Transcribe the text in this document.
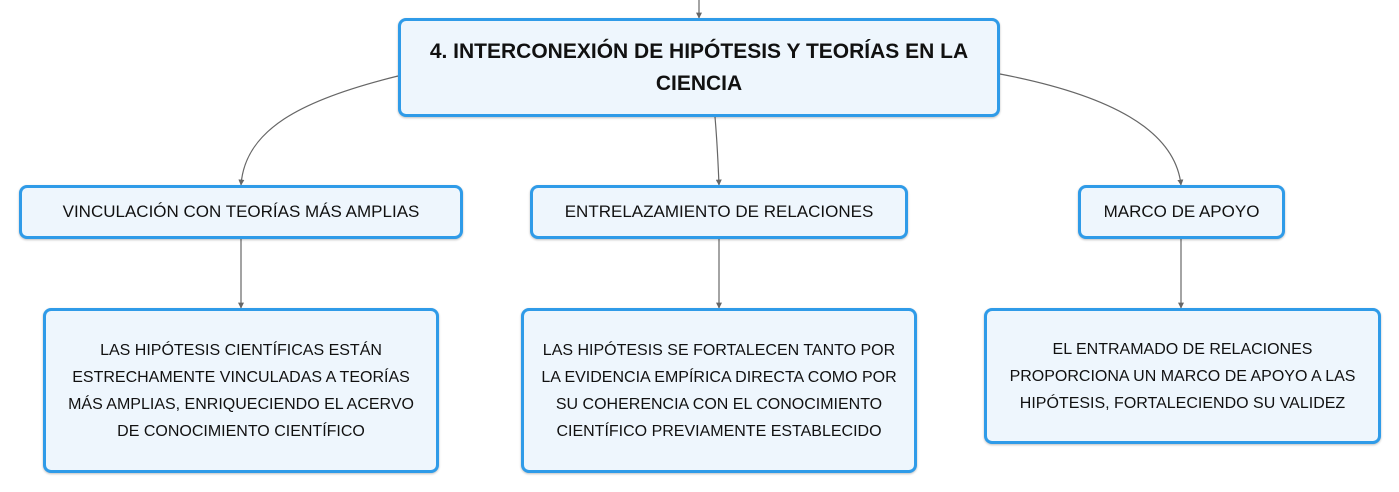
4. INTERCONEXIÓN DE HIPÓTESIS Y TEORÍAS EN LA CIENCIA
VINCULACIÓN CON TEORÍAS MÁS AMPLIAS	ENTRELAZAMIENTO DE RELACIONES	MARCO DE APOYO
LAS HIPÓTESIS CIENTÍFICAS ESTÁN ESTRECHAMENTE VINCULADAS A TEORÍAS MÁS AMPLIAS, ENRIQUECIENDO EL ACERVO DE CONOCIMIENTO CIENTÍFICO
LAS HIPÓTESIS SE FORTALECEN TANTO POR LA EVIDENCIA EMPÍRICA DIRECTA COMO POR SU COHERENCIA CON EL CONOCIMIENTO CIENTÍFICO PREVIAMENTE ESTABLECIDO
EL ENTRAMADO DE RELACIONES PROPORCIONA UN MARCO DE APOYO A LAS HIPÓTESIS, FORTALECIENDO SU VALIDEZ
